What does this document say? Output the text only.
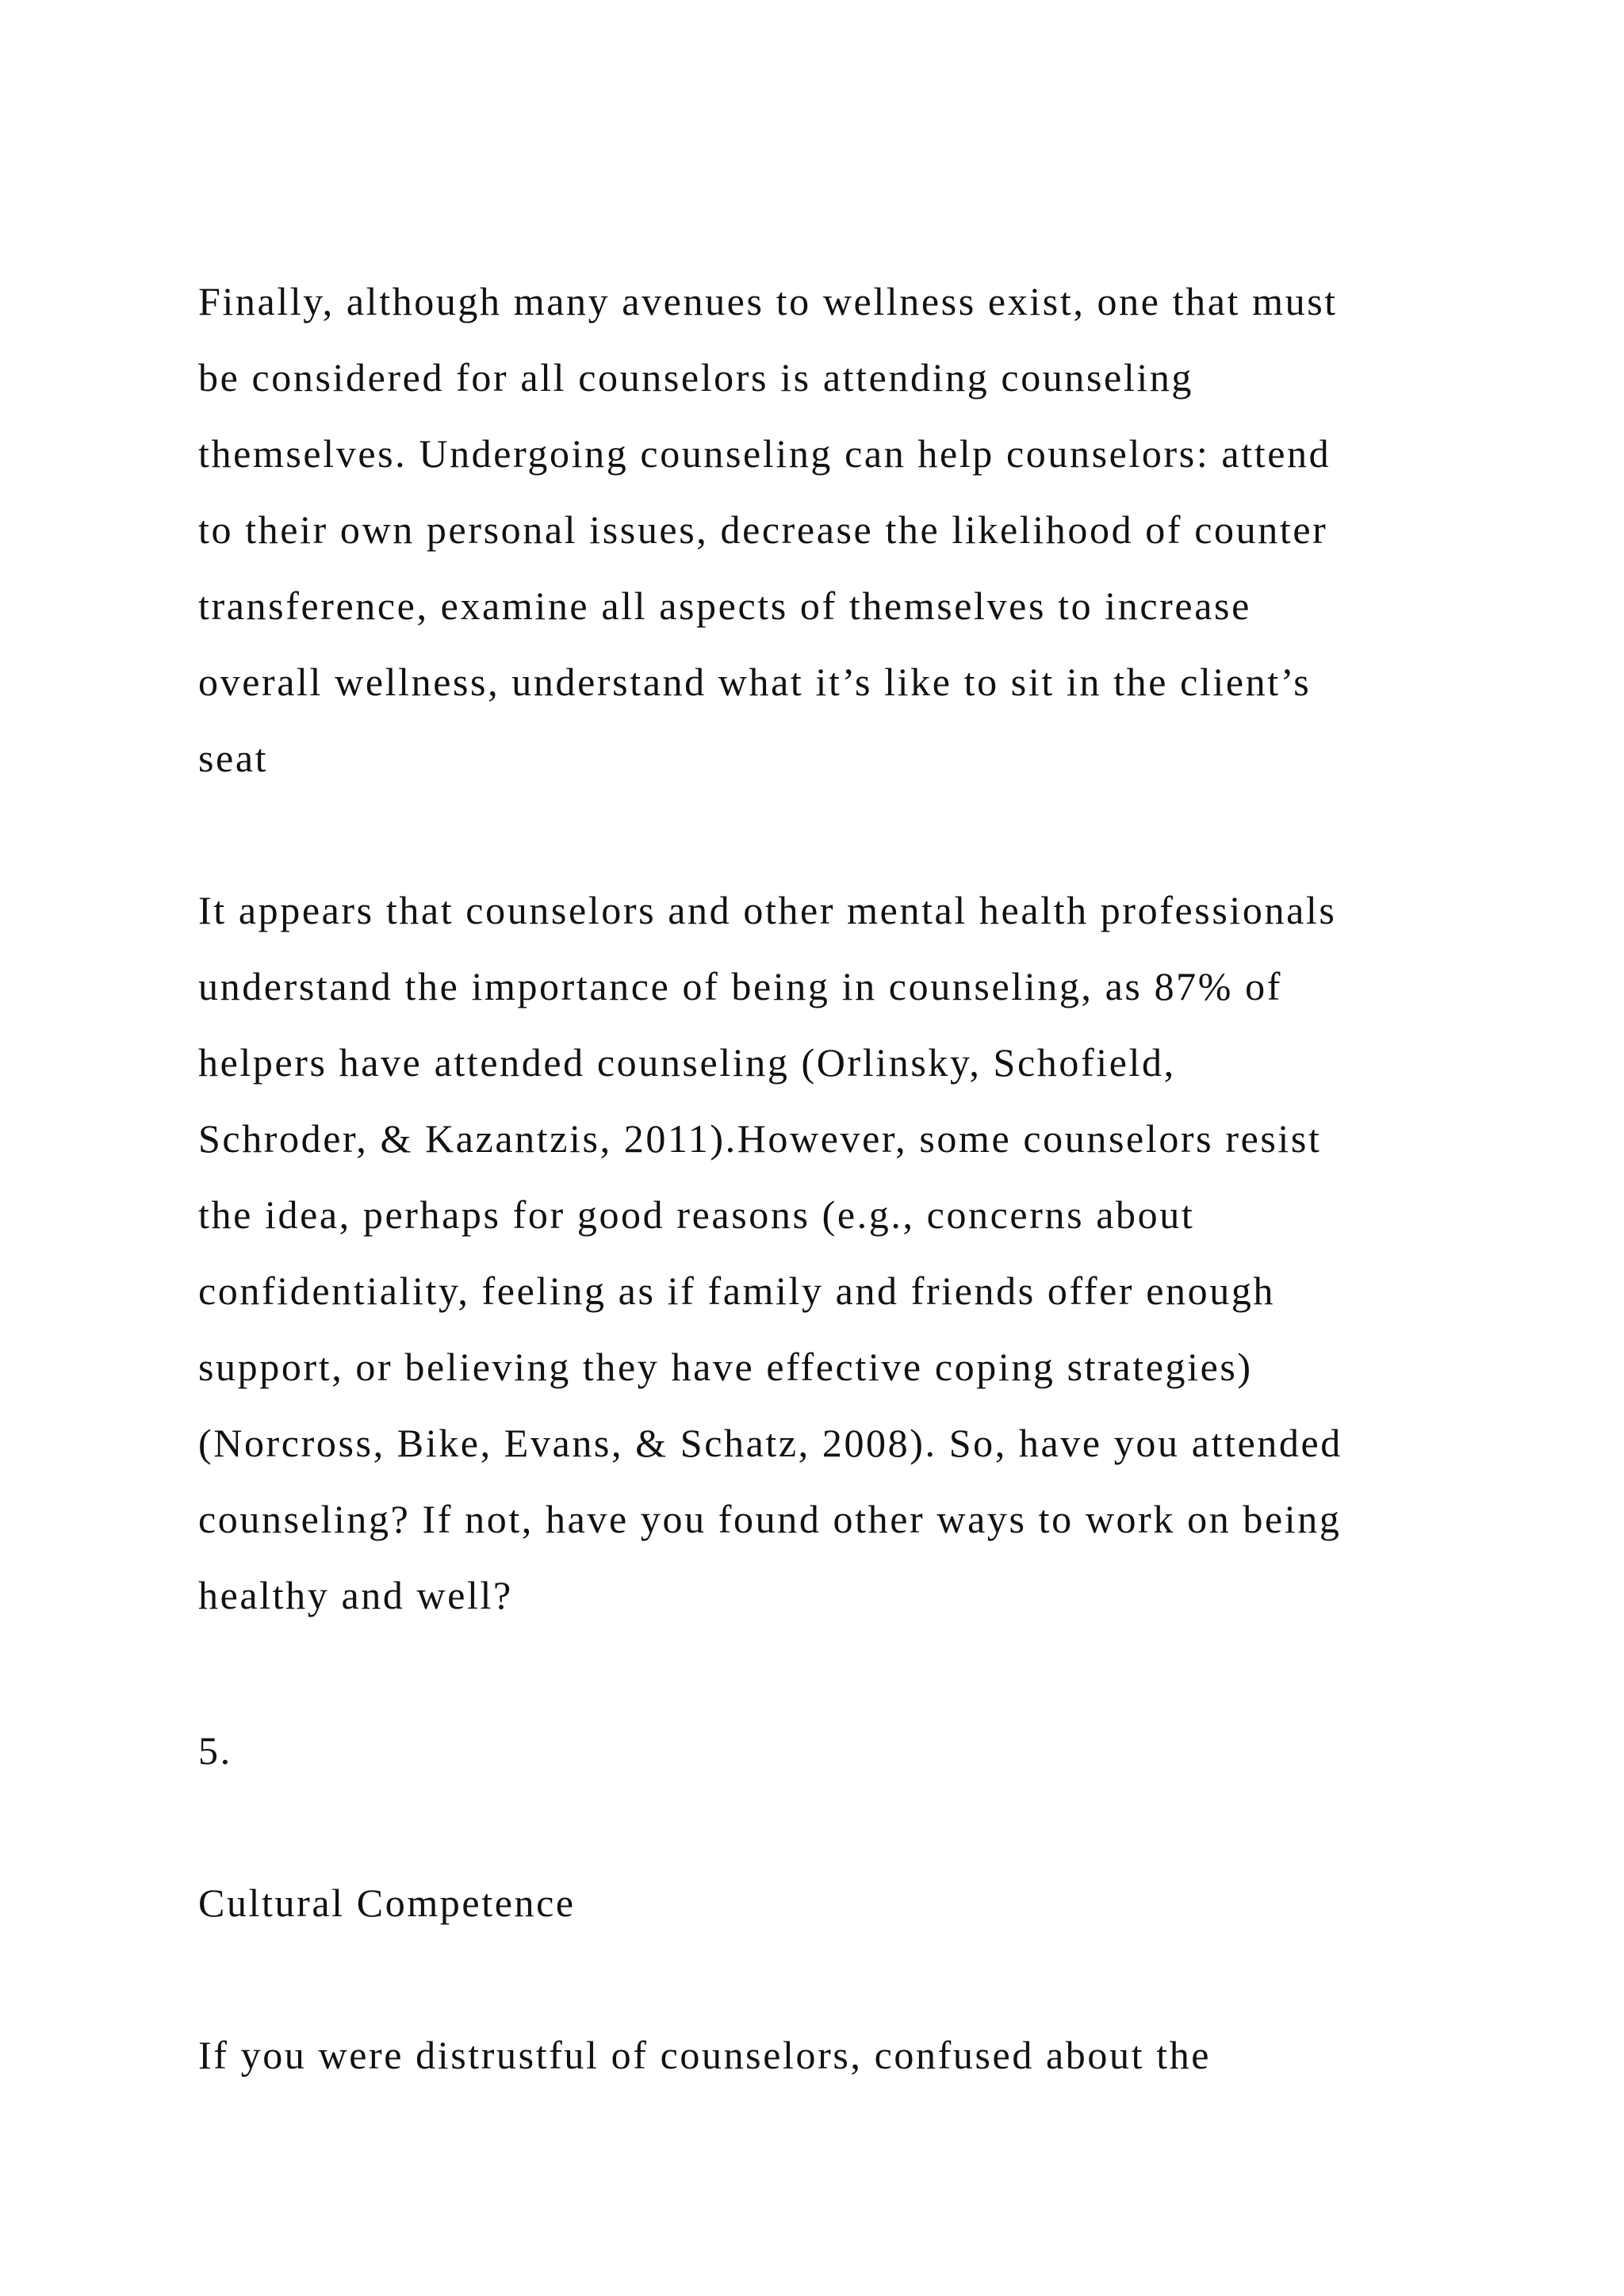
Finally, although many avenues to wellness exist, one that must
be considered for all counselors is attending counseling
themselves. Undergoing counseling can help counselors: attend
to their own personal issues, decrease the likelihood of counter
transference, examine all aspects of themselves to increase
overall wellness, understand what it’s like to sit in the client’s
seat
It appears that counselors and other mental health professionals
understand the importance of being in counseling, as 87% of
helpers have attended counseling (Orlinsky, Schofield,
Schroder, & Kazantzis, 2011).However, some counselors resist
the idea, perhaps for good reasons (e.g., concerns about
confidentiality, feeling as if family and friends offer enough
support, or believing they have effective coping strategies)
(Norcross, Bike, Evans, & Schatz, 2008). So, have you attended
counseling? If not, have you found other ways to work on being
healthy and well?
5.
Cultural Competence
If you were distrustful of counselors, confused about the
